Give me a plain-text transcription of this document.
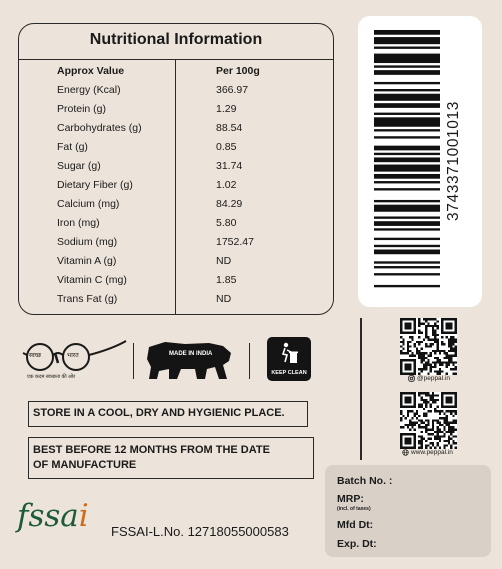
Nutritional Information
Approx Value	Per 100g
Energy (Kcal)	366.97
Protein (g)	1.29
Carbohydrates (g)	88.54
Fat (g)	0.85
Sugar (g)	31.74
Dietary Fiber (g)	1.02
Calcium (mg)	84.29
Iron (mg)	5.80
Sodium (mg)	1752.47
Vitamin A (g)	ND
Vitamin C (mg)	1.85
Trans Fat (g)	ND
3743371001013
@peppal.in
www.peppal.in
स्वच्छ	भारत
एक कदम स्वच्छता की ओर
MADE IN INDIA
KEEP CLEAN
STORE IN A COOL, DRY AND HYGIENIC PLACE.
BEST BEFORE 12 MONTHS FROM THE DATE
OF MANUFACTURE
Batch No. :
MRP:
(incl. of taxes)
Mfd Dt:
Exp. Dt:
fssai FSSAI-L.No. 12718055000583
